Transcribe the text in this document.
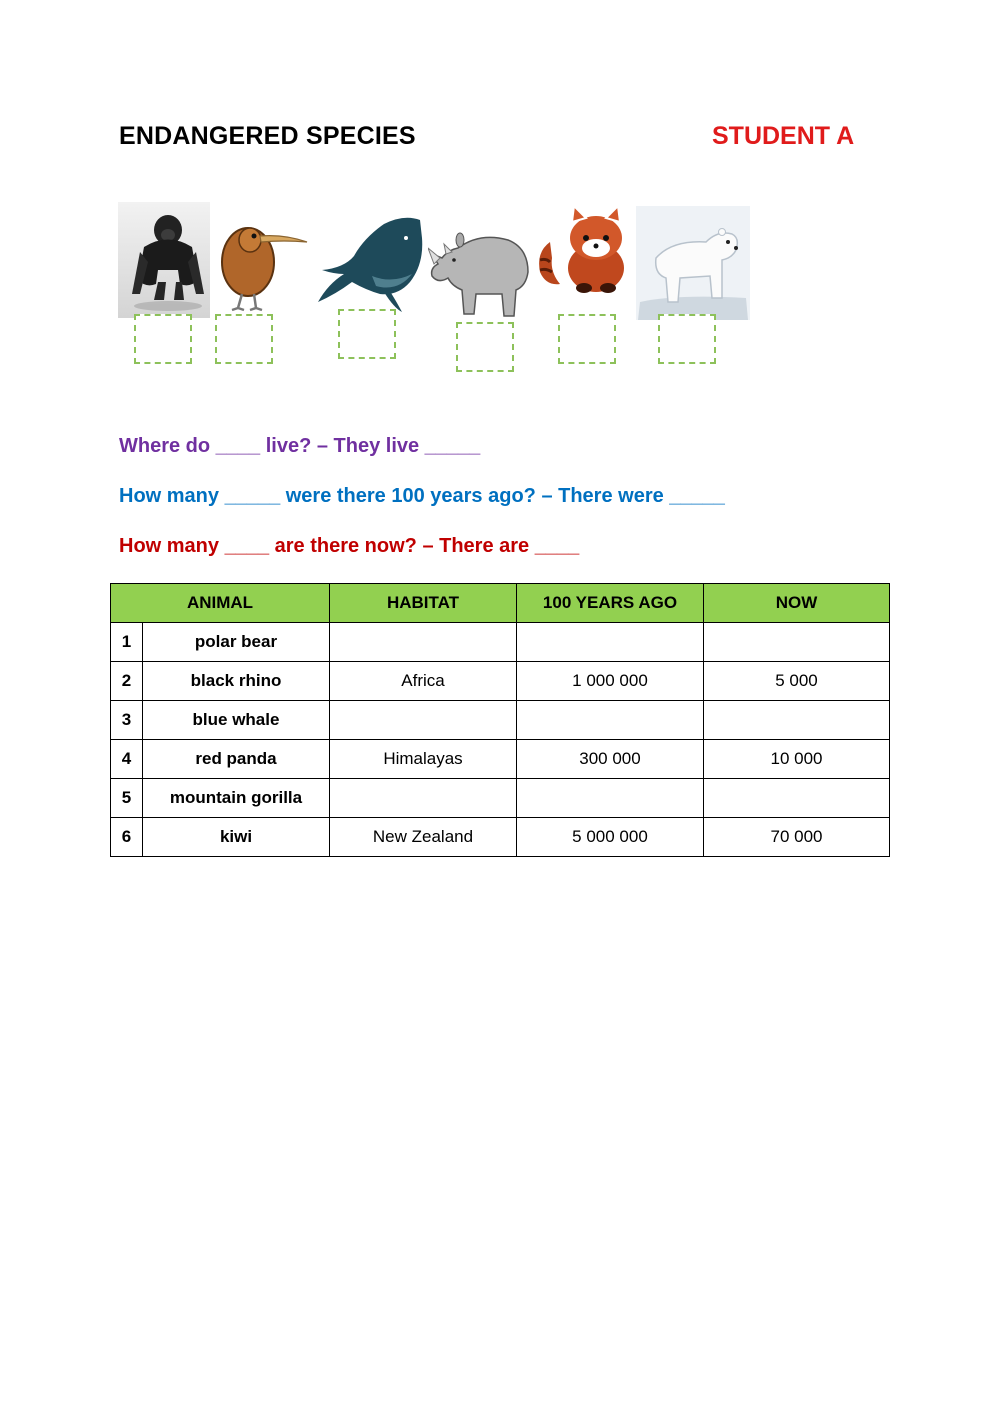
ENDANGERED SPECIES	STUDENT A
Where do ____ live? – They live _____
How many _____ were there 100 years ago? – There were _____
How many ____ are there now? – There are ____
ANIMAL		HABITAT	100 YEARS AGO	NOW
1	polar bear			
2	black rhino	Africa	1 000 000	5 000
3	blue whale			
4	red panda	Himalayas	300 000	10 000
5	mountain gorilla			
6	kiwi	New Zealand	5 000 000	70 000
